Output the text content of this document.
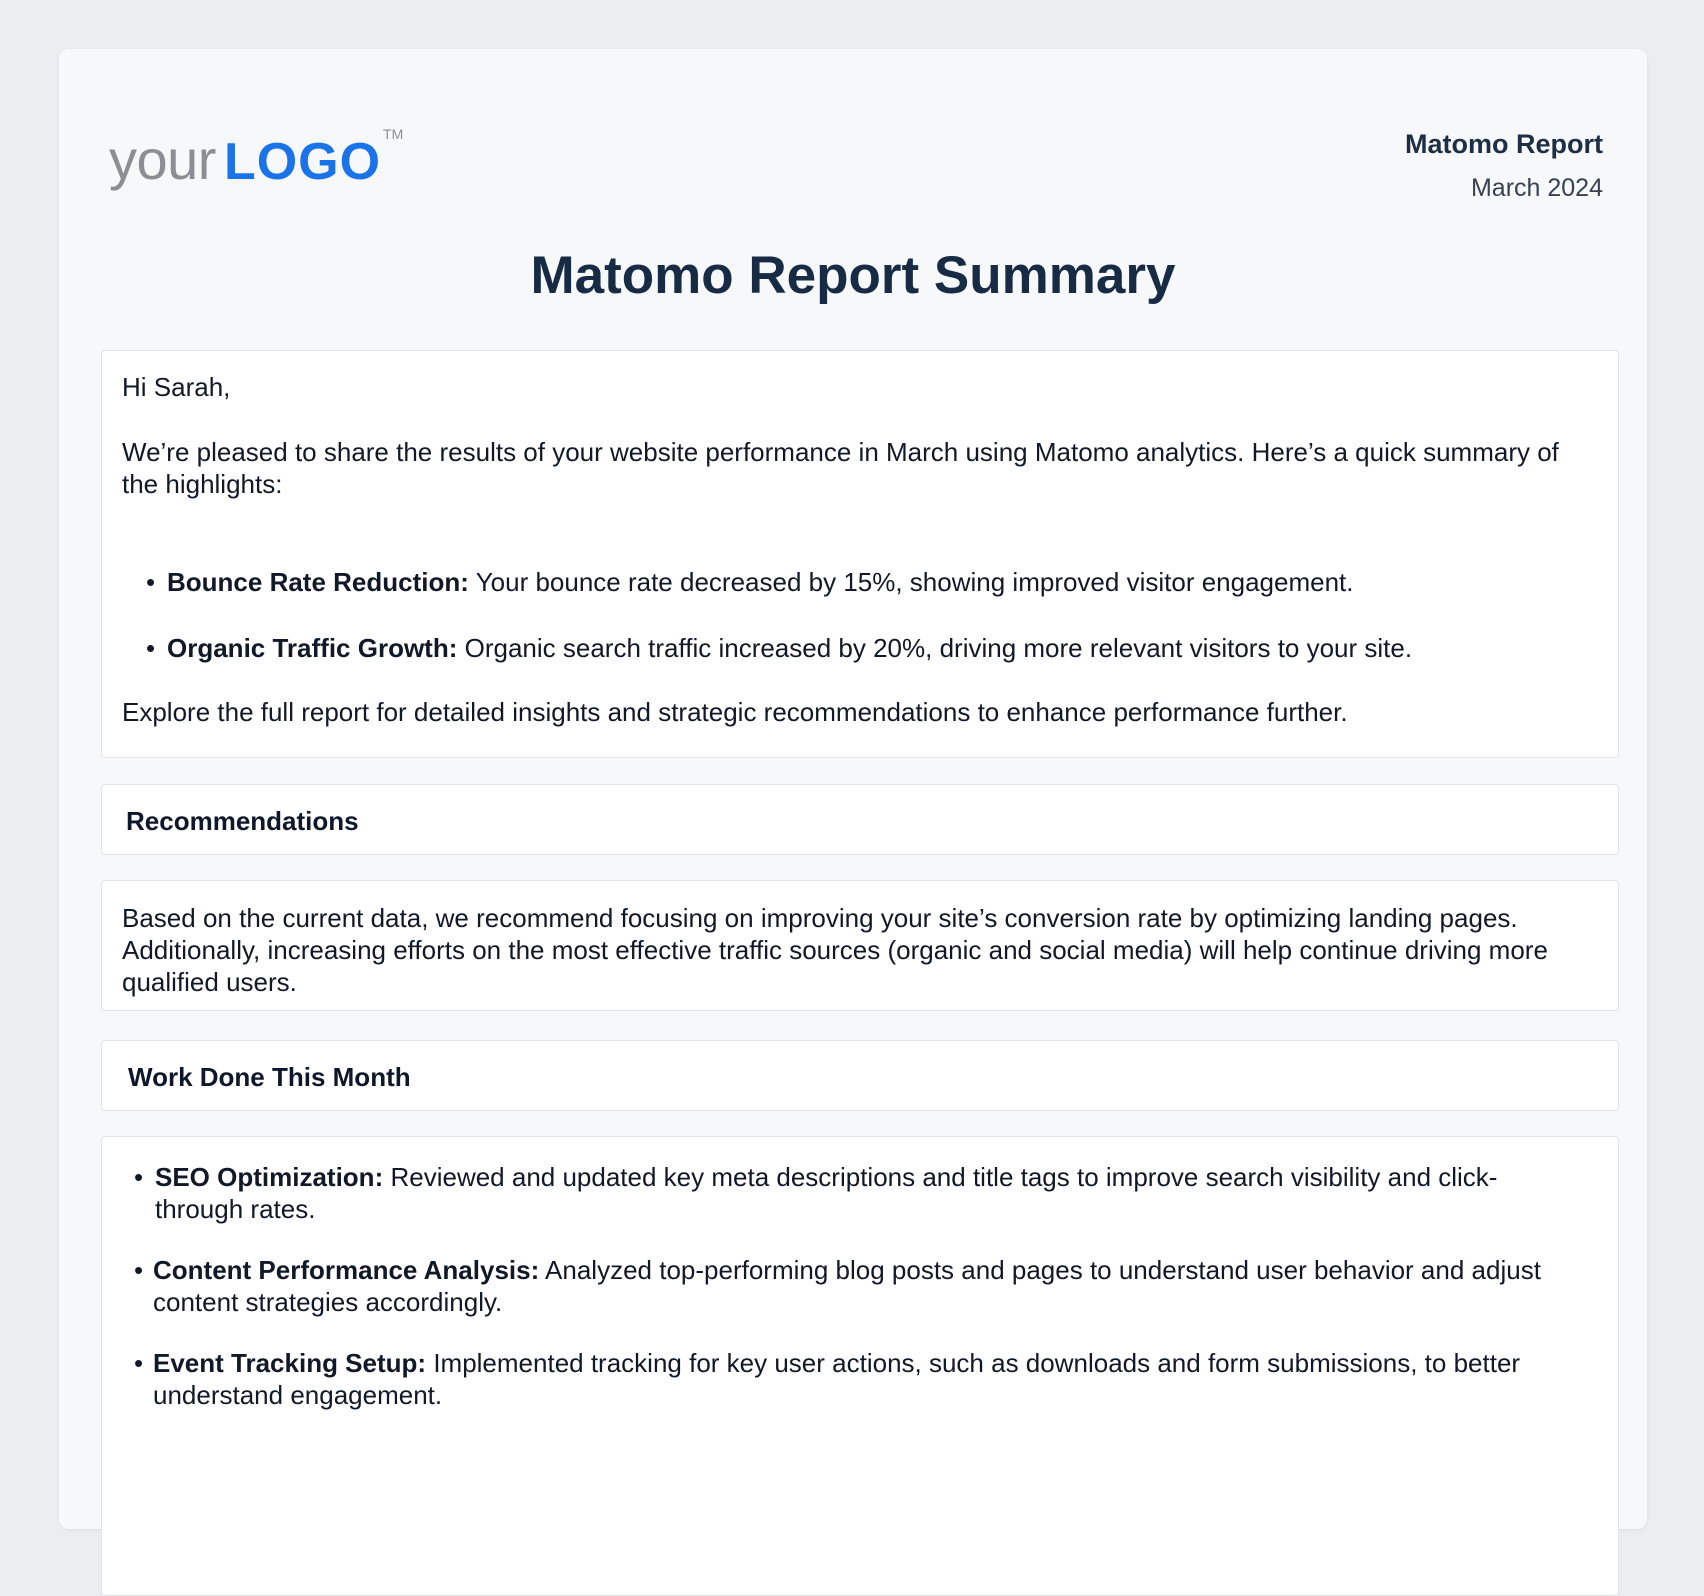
your LOGO TM	Matomo Report
March 2024
Matomo Report Summary
Hi Sarah,
We’re pleased to share the results of your website performance in March using Matomo analytics. Here’s a quick summary of the highlights:
• Bounce Rate Reduction: Your bounce rate decreased by 15%, showing improved visitor engagement.
• Organic Traffic Growth: Organic search traffic increased by 20%, driving more relevant visitors to your site.
Explore the full report for detailed insights and strategic recommendations to enhance performance further.
Recommendations
Based on the current data, we recommend focusing on improving your site’s conversion rate by optimizing landing pages. Additionally, increasing efforts on the most effective traffic sources (organic and social media) will help continue driving more qualified users.
Work Done This Month
• SEO Optimization: Reviewed and updated key meta descriptions and title tags to improve search visibility and click-through rates.
• Content Performance Analysis: Analyzed top-performing blog posts and pages to understand user behavior and adjust content strategies accordingly.
• Event Tracking Setup: Implemented tracking for key user actions, such as downloads and form submissions, to better understand engagement.
